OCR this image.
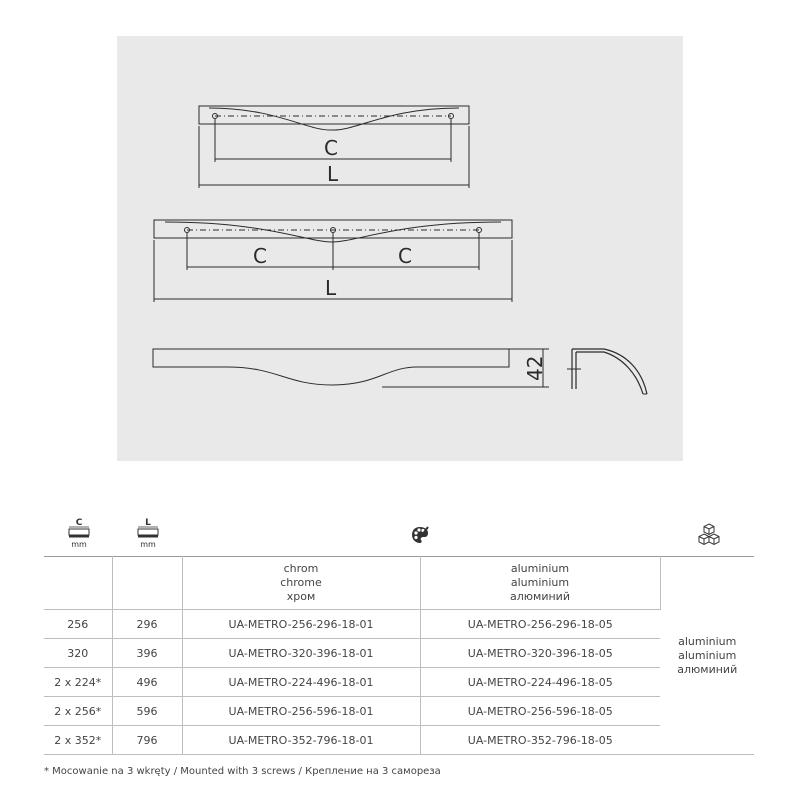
C
L
C	C
L
42
C
mm
L
mm

		chrom
chrome
хром	aluminium
aluminium
алюминий	aluminium
aluminium
алюминий

256	296	UA-METRO-256-296-18-01	UA-METRO-256-296-18-05	
320	396	UA-METRO-320-396-18-01	UA-METRO-320-396-18-05	
2 x 224*	496	UA-METRO-224-496-18-01	UA-METRO-224-496-18-05	
2 x 256*	596	UA-METRO-256-596-18-01	UA-METRO-256-596-18-05	
2 x 352*	796	UA-METRO-352-796-18-01	UA-METRO-352-796-18-05	
* Mocowanie na 3 wkręty / Mounted with 3 screws / Крепление на 3 самореза
